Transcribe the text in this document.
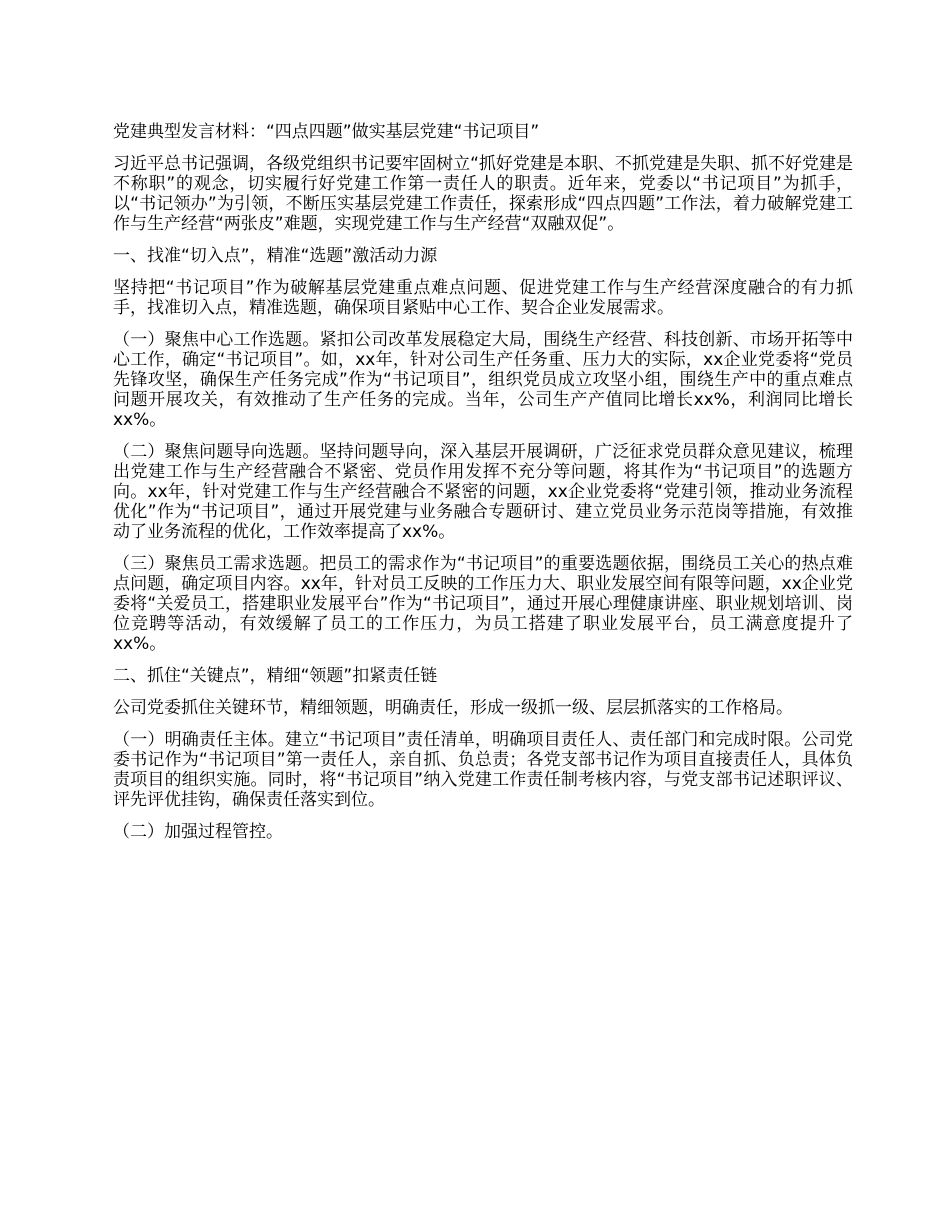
党建典型发言材料：“四点四题”做实基层党建“书记项目”

习近平总书记强调，各级党组织书记要牢固树立“抓好党建是本职、不抓党建是失职、抓不好党建是不称职”的观念，切实履行好党建工作第一责任人的职责。近年来，党委以“书记项目”为抓手，以“书记领办”为引领，不断压实基层党建工作责任，探索形成“四点四题”工作法，着力破解党建工作与生产经营“两张皮”难题，实现党建工作与生产经营“双融双促”。

一、找准“切入点”，精准“选题”激活动力源

坚持把“书记项目”作为破解基层党建重点难点问题、促进党建工作与生产经营深度融合的有力抓手，找准切入点，精准选题，确保项目紧贴中心工作、契合企业发展需求。

（一）聚焦中心工作选题。紧扣公司改革发展稳定大局，围绕生产经营、科技创新、市场开拓等中心工作，确定“书记项目”。如，xx年，针对公司生产任务重、压力大的实际，xx企业党委将“党员先锋攻坚，确保生产任务完成”作为“书记项目”，组织党员成立攻坚小组，围绕生产中的重点难点问题开展攻关，有效推动了生产任务的完成。当年，公司生产产值同比增长xx%，利润同比增长xx%。

（二）聚焦问题导向选题。坚持问题导向，深入基层开展调研，广泛征求党员群众意见建议，梳理出党建工作与生产经营融合不紧密、党员作用发挥不充分等问题，将其作为“书记项目”的选题方向。xx年，针对党建工作与生产经营融合不紧密的问题，xx企业党委将“党建引领，推动业务流程优化”作为“书记项目”，通过开展党建与业务融合专题研讨、建立党员业务示范岗等措施，有效推动了业务流程的优化，工作效率提高了xx%。

（三）聚焦员工需求选题。把员工的需求作为“书记项目”的重要选题依据，围绕员工关心的热点难点问题，确定项目内容。xx年，针对员工反映的工作压力大、职业发展空间有限等问题，xx企业党委将“关爱员工，搭建职业发展平台”作为“书记项目”，通过开展心理健康讲座、职业规划培训、岗位竞聘等活动，有效缓解了员工的工作压力，为员工搭建了职业发展平台，员工满意度提升了xx%。

二、抓住“关键点”，精细“领题”扣紧责任链

公司党委抓住关键环节，精细领题，明确责任，形成一级抓一级、层层抓落实的工作格局。

（一）明确责任主体。建立“书记项目”责任清单，明确项目责任人、责任部门和完成时限。公司党委书记作为“书记项目”第一责任人，亲自抓、负总责；各党支部书记作为项目直接责任人，具体负责项目的组织实施。同时，将“书记项目”纳入党建工作责任制考核内容，与党支部书记述职评议、评先评优挂钩，确保责任落实到位。

（二）加强过程管控。
